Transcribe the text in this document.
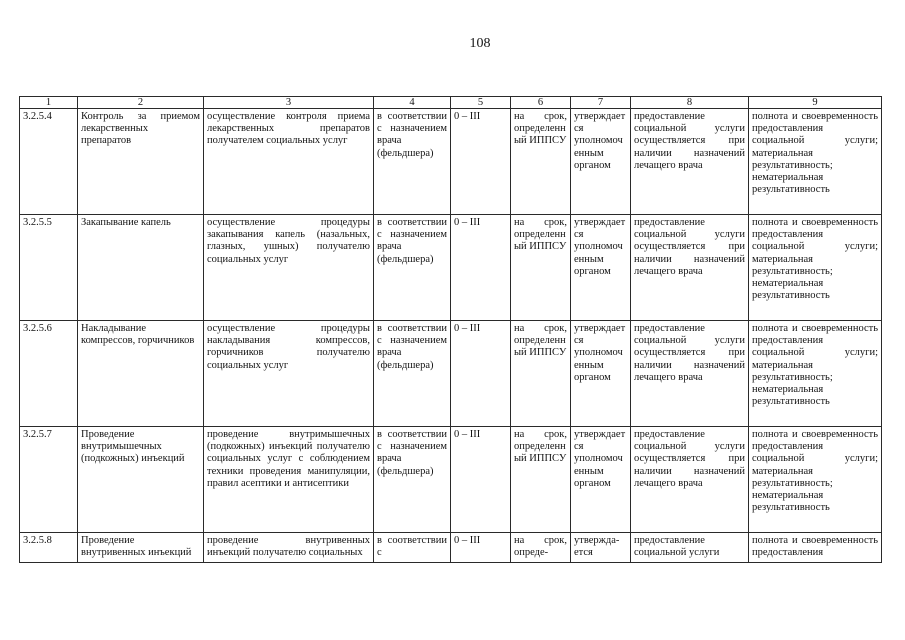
108
1	2	3	4	5	6	7	8	9
3.2.5.4	Контроль за приемом лекарственных препаратов	осуществление контроля приема лекарственных препаратов получателем социальных услуг	в соответствии с назначением врача (фельдшера)	0 – III	на срок, определенный ИППСУ	утверждается уполномоченным органом	предоставление социальной услуги осуществляется при наличии назначений лечащего врача	полнота и своевременность предоставления социальной услуги; материальная результативность; нематериальная результативность
3.2.5.5	Закапывание капель	осуществление процедуры закапывания капель (назальных, глазных, ушных) получателю социальных услуг	в соответствии с назначением врача (фельдшера)	0 – III	на срок, определенный ИППСУ	утверждается уполномоченным органом	предоставление социальной услуги осуществляется при наличии назначений лечащего врача	полнота и своевременность предоставления социальной услуги; материальная результативность; нематериальная результативность
3.2.5.6	Накладывание компрессов, горчичников	осуществление процедуры накладывания компрессов, горчичников получателю социальных услуг	в соответствии с назначением врача (фельдшера)	0 – III	на срок, определенный ИППСУ	утверждается уполномоченным органом	предоставление социальной услуги осуществляется при наличии назначений лечащего врача	полнота и своевременность предоставления социальной услуги; материальная результативность; нематериальная результативность
3.2.5.7	Проведение внутримышечных (подкожных) инъекций	проведение внутримышечных (подкожных) инъекций получателю социальных услуг с соблюдением техники проведения манипуляции, правил асептики и антисептики	в соответствии с назначением врача (фельдшера)	0 – III	на срок, определенный ИППСУ	утверждается уполномоченным органом	предоставление социальной услуги осуществляется при наличии назначений лечащего врача	полнота и своевременность предоставления социальной услуги; материальная результативность; нематериальная результативность
3.2.5.8	Проведение внутривенных инъекций	проведение внутривенных инъекций получателю социальных	в соответствии с	0 – III	на срок, опреде-	утвержда-ется	предоставление социальной услуги	полнота и своевременность предоставления
